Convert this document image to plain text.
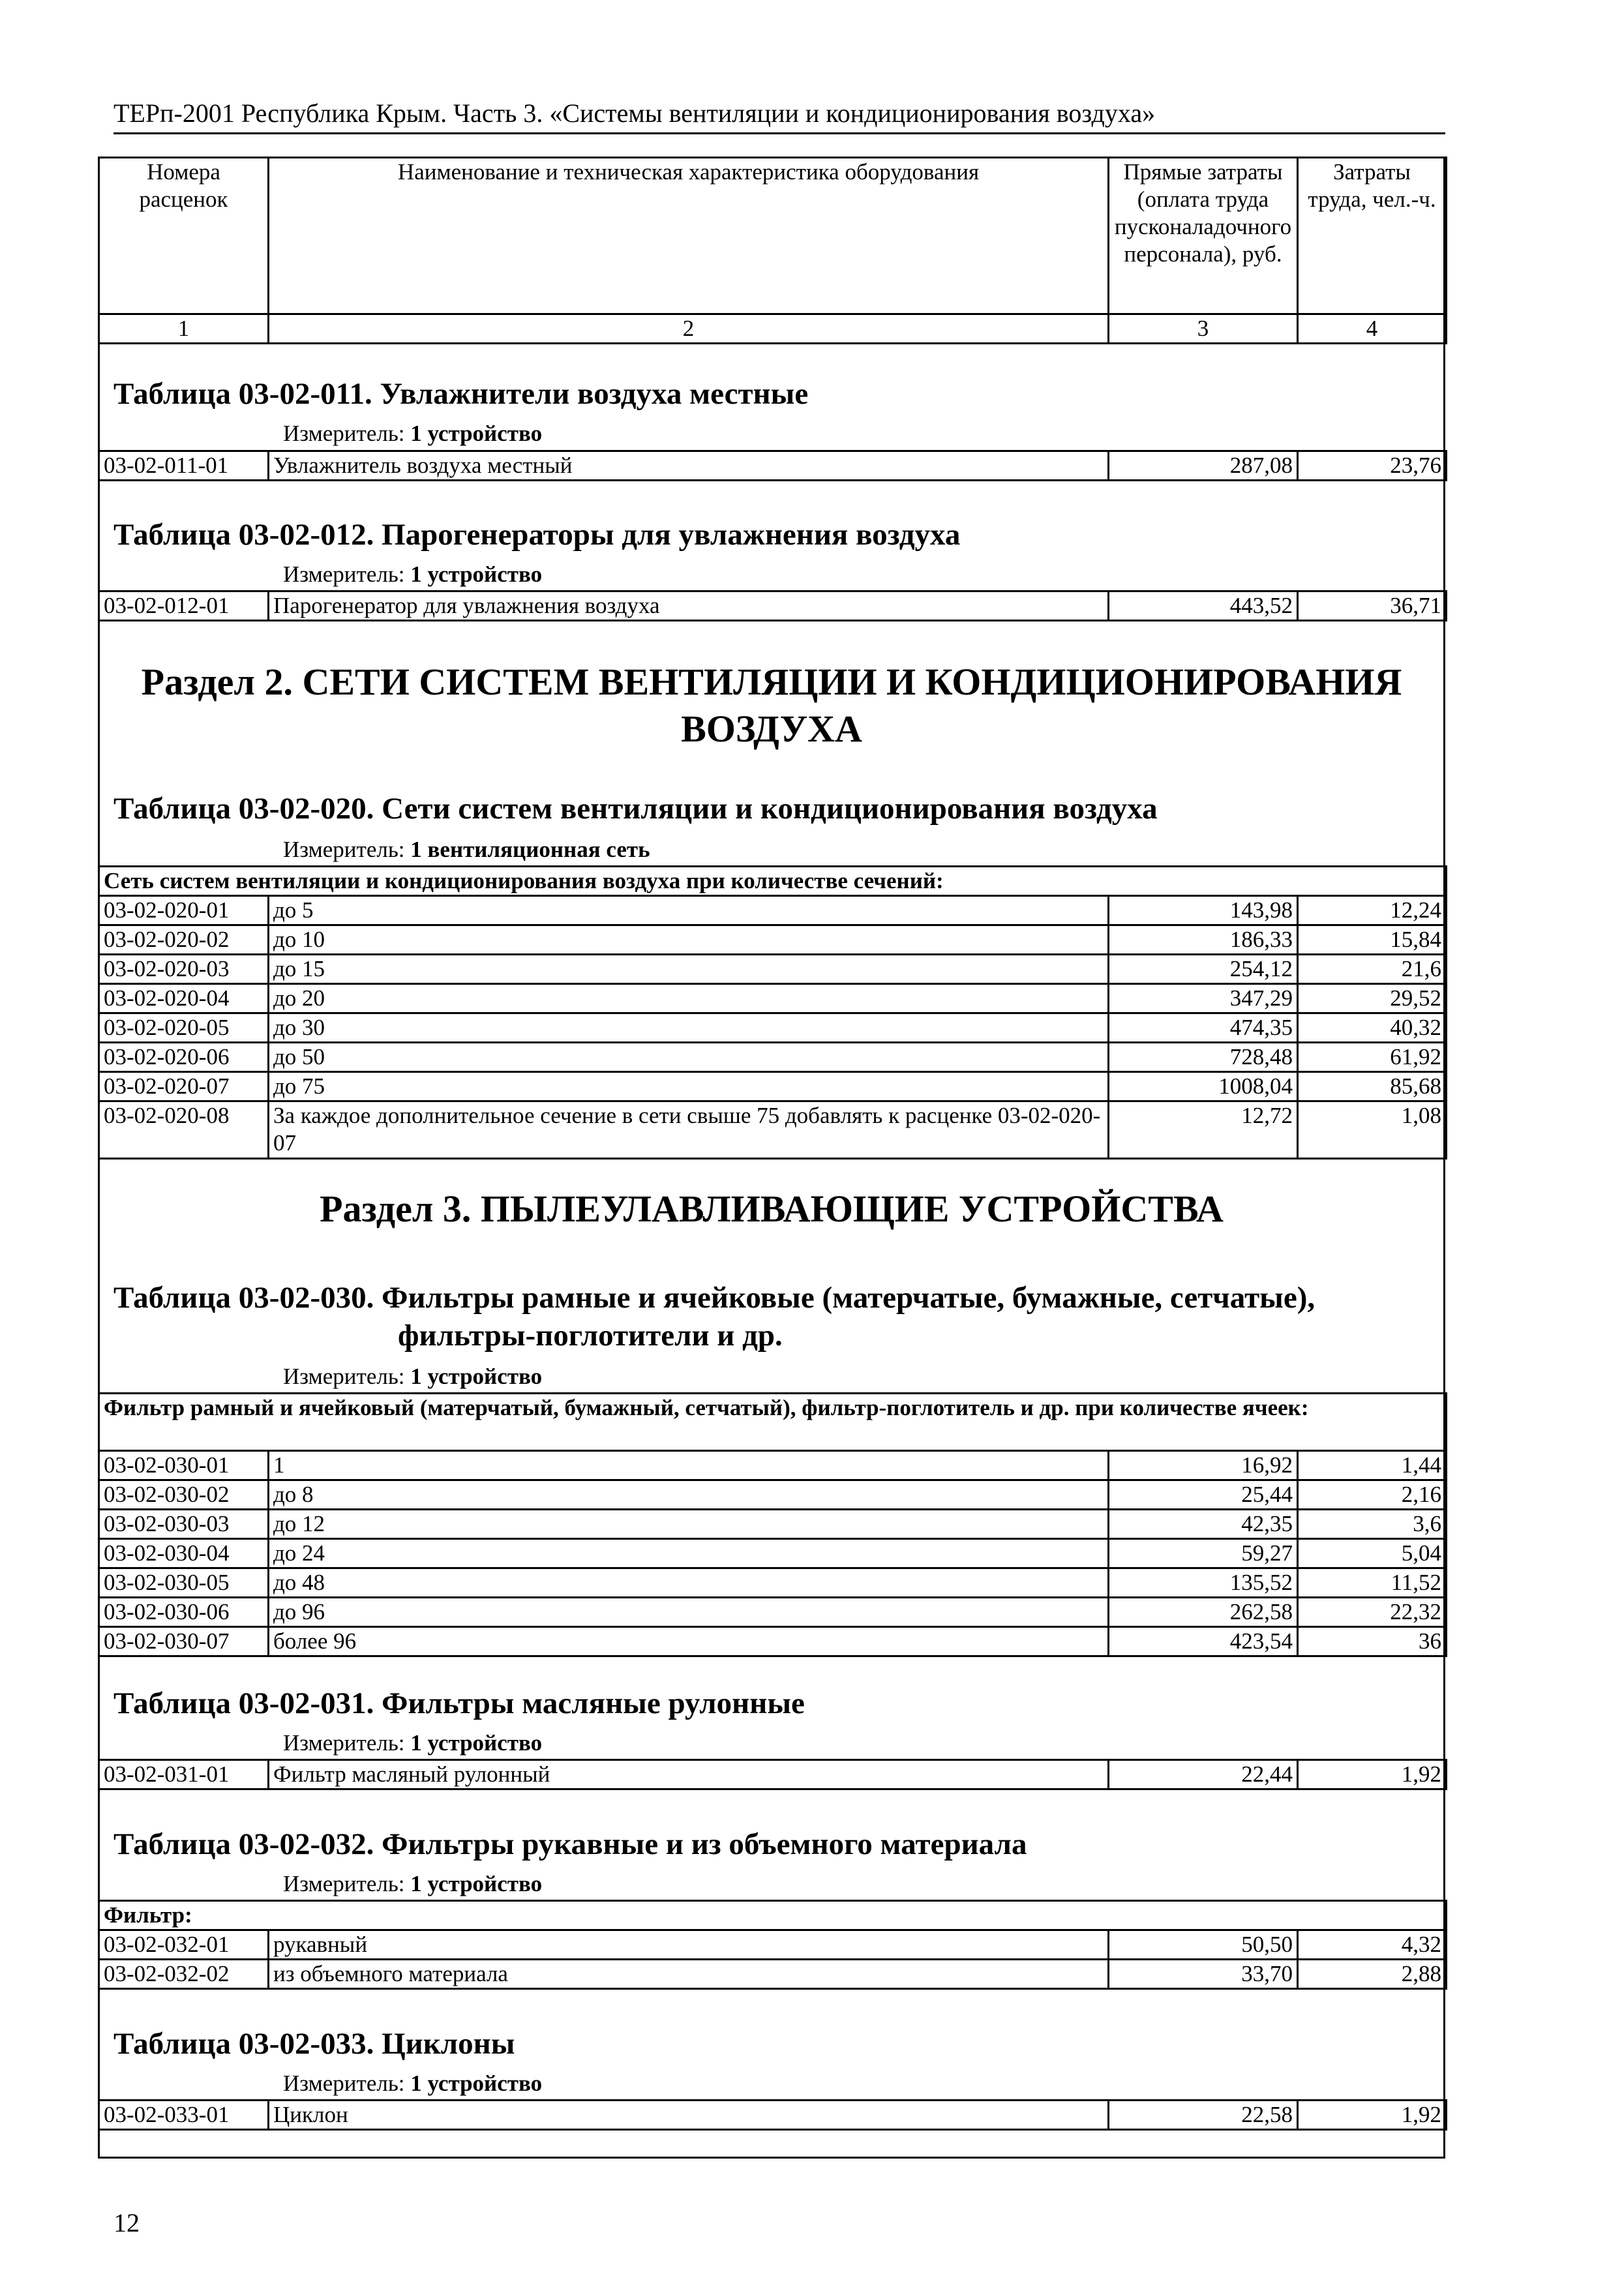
ТЕРп-2001 Республика Крым. Часть 3. «Системы вентиляции и кондиционирования воздуха»
Номера расценок	Наименование и техническая характеристика оборудования	Прямые затраты (оплата труда пусконаладочного персонала), руб.	Затраты труда, чел.-ч.
1	2	3	4
Таблица 03-02-011. Увлажнители воздуха местные
Измеритель: 1 устройство
03-02-011-01	Увлажнитель воздуха местный	287,08	23,76
Таблица 03-02-012. Парогенераторы для увлажнения воздуха
Измеритель: 1 устройство
03-02-012-01	Парогенератор для увлажнения воздуха	443,52	36,71
Раздел 2. СЕТИ СИСТЕМ ВЕНТИЛЯЦИИ И КОНДИЦИОНИРОВАНИЯ
ВОЗДУХА
Таблица 03-02-020. Сети систем вентиляции и кондиционирования воздуха
Измеритель: 1 вентиляционная сеть
Сеть систем вентиляции и кондиционирования воздуха при количестве сечений:			
03-02-020-01	до 5	143,98	12,24
03-02-020-02	до 10	186,33	15,84
03-02-020-03	до 15	254,12	21,6
03-02-020-04	до 20	347,29	29,52
03-02-020-05	до 30	474,35	40,32
03-02-020-06	до 50	728,48	61,92
03-02-020-07	до 75	1008,04	85,68
03-02-020-08	За каждое дополнительное сечение в сети свыше 75 добавлять к расценке 03-02-020-07	12,72	1,08
Раздел 3. ПЫЛЕУЛАВЛИВАЮЩИЕ УСТРОЙСТВА
Таблица 03-02-030. Фильтры рамные и ячейковые (матерчатые, бумажные, сетчатые),
фильтры-поглотители и др.
Измеритель: 1 устройство
Фильтр рамный и ячейковый (матерчатый, бумажный, сетчатый), фильтр-поглотитель и др. при количестве ячеек:			
03-02-030-01	1	16,92	1,44
03-02-030-02	до 8	25,44	2,16
03-02-030-03	до 12	42,35	3,6
03-02-030-04	до 24	59,27	5,04
03-02-030-05	до 48	135,52	11,52
03-02-030-06	до 96	262,58	22,32
03-02-030-07	более 96	423,54	36
Таблица 03-02-031. Фильтры масляные рулонные
Измеритель: 1 устройство
03-02-031-01	Фильтр масляный рулонный	22,44	1,92
Таблица 03-02-032. Фильтры рукавные и из объемного материала
Измеритель: 1 устройство
Фильтр:			
03-02-032-01	рукавный	50,50	4,32
03-02-032-02	из объемного материала	33,70	2,88
Таблица 03-02-033. Циклоны
Измеритель: 1 устройство
03-02-033-01	Циклон	22,58	1,92
12
